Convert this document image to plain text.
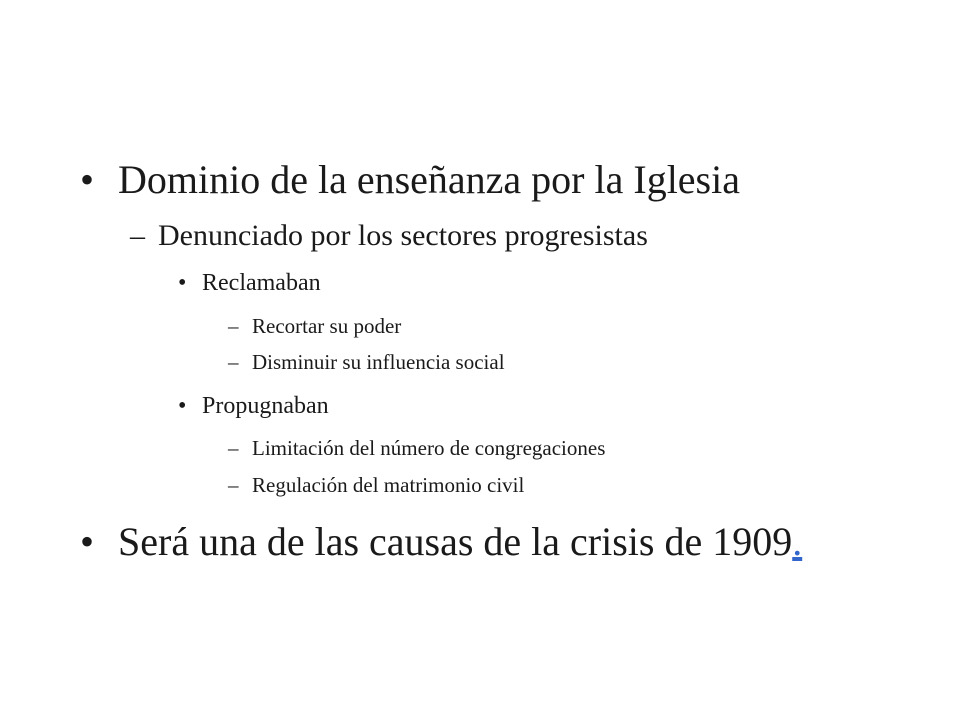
• Dominio de la enseñanza por la Iglesia
– Denunciado por los sectores progresistas
• Reclamaban
– Recortar su poder
– Disminuir su influencia social
• Propugnaban
– Limitación del número de congregaciones
– Regulación del matrimonio civil
• Será una de las causas de la crisis de 1909.
